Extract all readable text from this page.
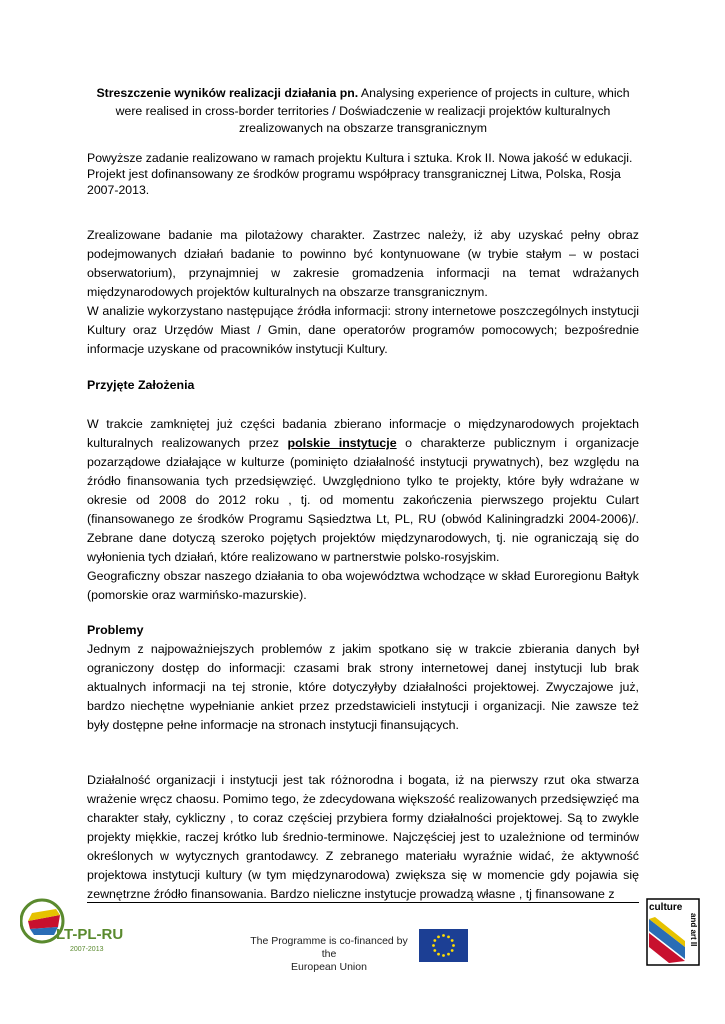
Streszczenie wyników realizacji działania pn. Analysing experience of projects in culture, which were realised in cross-border territories / Doświadczenie w realizacji projektów kulturalnych zrealizowanych na obszarze transgranicznym
Powyższe zadanie realizowano w ramach projektu Kultura i sztuka. Krok II. Nowa jakość w edukacji.
Projekt jest dofinansowany ze środków programu współpracy transgranicznej Litwa, Polska, Rosja
2007-2013.

Zrealizowane badanie ma pilotażowy charakter. Zastrzec należy, iż aby uzyskać pełny obraz podejmowanych działań badanie to powinno być kontynuowane (w trybie stałym – w postaci obserwatorium), przynajmniej w zakresie gromadzenia informacji na temat wdrażanych międzynarodowych projektów kulturalnych na obszarze transgranicznym.

W analizie wykorzystano następujące źródła informacji: strony internetowe poszczególnych instytucji Kultury oraz Urzędów Miast / Gmin, dane operatorów programów pomocowych; bezpośrednie informacje uzyskane od pracowników instytucji Kultury.

Przyjęte Założenia

W trakcie zamkniętej już części badania zbierano informacje o międzynarodowych projektach kulturalnych realizowanych przez polskie instytucje o charakterze publicznym i organizacje pozarządowe działające w kulturze (pominięto działalność instytucji prywatnych), bez względu na źródło finansowania tych przedsięwzięć. Uwzględniono tylko te projekty, które były wdrażane w okresie od 2008 do 2012 roku , tj. od momentu zakończenia pierwszego projektu Culart (finansowanego ze środków Programu Sąsiedztwa Lt, PL, RU (obwód Kaliningradzki 2004-2006)/. Zebrane dane dotyczą szeroko pojętych projektów międzynarodowych, tj. nie ograniczają się do wyłonienia tych działań, które realizowano w partnerstwie polsko-rosyjskim.

Geograficzny obszar naszego działania to oba województwa wchodzące w skład Euroregionu Bałtyk (pomorskie oraz warmińsko-mazurskie).

Problemy

Jednym z najpoważniejszych problemów z jakim spotkano się w trakcie zbierania danych był ograniczony dostęp do informacji: czasami brak strony internetowej danej instytucji lub brak aktualnych informacji na tej stronie, które dotyczyłyby działalności projektowej. Zwyczajowe już, bardzo niechętne wypełnianie ankiet przez przedstawicieli instytucji i organizacji. Nie zawsze też były dostępne pełne informacje na stronach instytucji finansujących.

Działalność organizacji i instytucji jest tak różnorodna i bogata, iż na pierwszy rzut oka stwarza wrażenie wręcz chaosu. Pomimo tego, że zdecydowana większość realizowanych przedsięwzięć ma charakter stały, cykliczny , to coraz częściej przybiera formy działalności projektowej. Są to zwykle projekty miękkie, raczej krótko lub średnio-terminowe. Najczęściej jest to uzależnione od terminów określonych w wytycznych grantodawcy. Z zebranego materiału wyraźnie widać, że aktywność projektowa instytucji kultury (w tym międzynarodowa) zwiększa się w momencie gdy pojawia się zewnętrzne źródło finansowania. Bardzo nieliczne instytucje prowadzą własne , tj finansowane z

LT-PL-RU
2007-2013
The Programme is co-financed by the
European Union
culture
and art II
